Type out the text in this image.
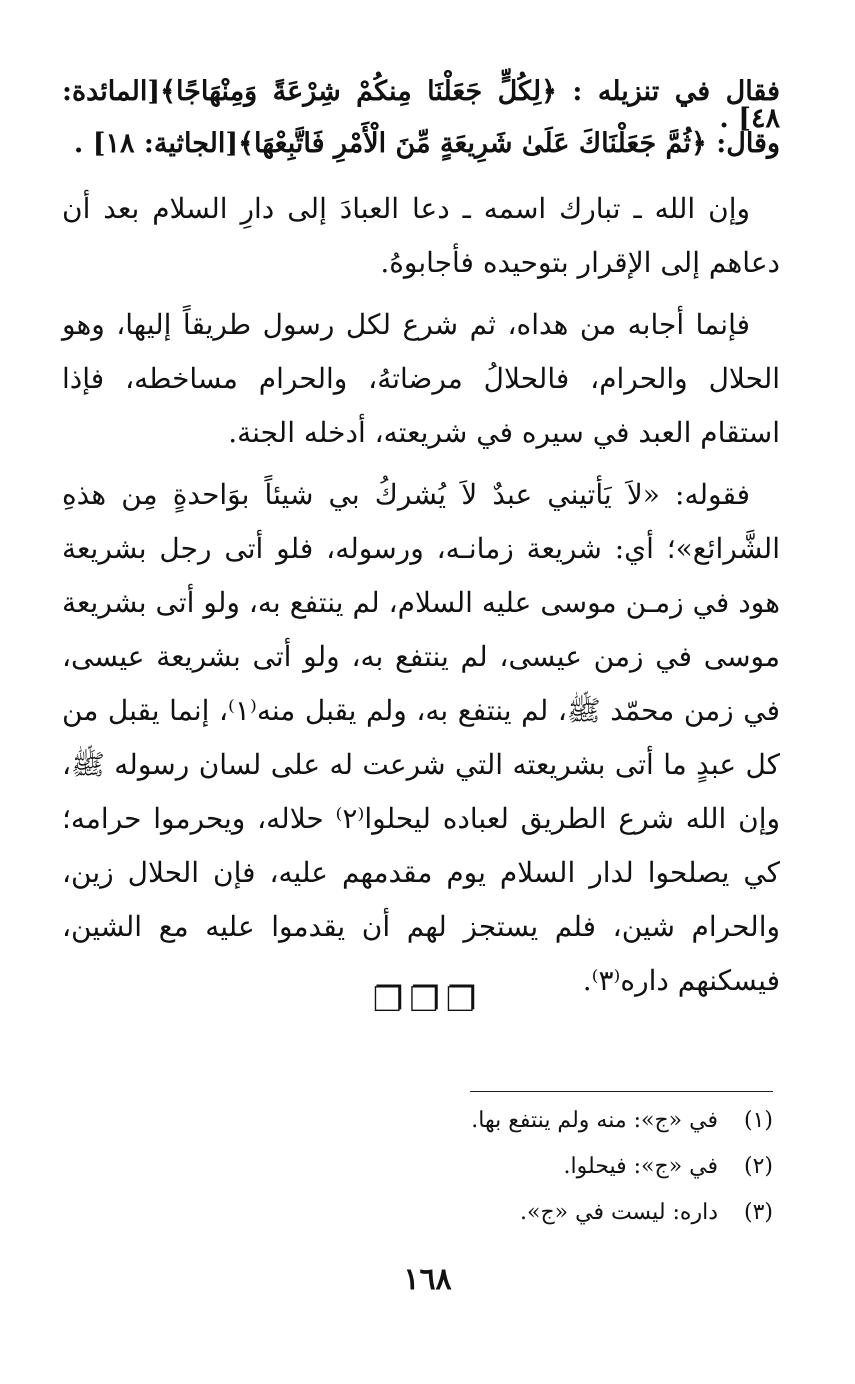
فقال في تنزيله : ﴿لِكُلٍّ جَعَلْنَا مِنكُمْ شِرْعَةً وَمِنْهَاجًا﴾[المائدة: ٤٨] .
وقال: ﴿ثُمَّ جَعَلْنَاكَ عَلَىٰ شَرِيعَةٍ مِّنَ الْأَمْرِ فَاتَّبِعْهَا﴾[الجاثية: ١٨] .

وإن الله ـ تبارك اسمه ـ دعا العبادَ إلى دارِ السلام بعد أن دعاهم إلى الإقرار بتوحيده فأجابوهُ.

فإنما أجابه من هداه، ثم شرع لكل رسول طريقاً إليها، وهو الحلال والحرام، فالحلالُ مرضاتهُ، والحرام مساخطه، فإذا استقام العبد في سيره في شريعته، أدخله الجنة.

فقوله: «لاَ يَأتيني عبدٌ لاَ يُشركُ بي شيئاً بوَاحدةٍ مِن هذهِ الشَّرائع»؛ أي: شريعة زمانـه، ورسوله، فلو أتى رجل بشريعة هود في زمـن موسى عليه السلام، لم ينتفع به، ولو أتى بشريعة موسى في زمن عيسى، لم ينتفع به، ولو أتى بشريعة عيسى، في زمن محمّد ﷺ، لم ينتفع به، ولم يقبل منه⁽١⁾، إنما يقبل من كل عبدٍ ما أتى بشريعته التي شرعت له على لسان رسوله ﷺ، وإن الله شرع الطريق لعباده ليحلوا⁽٢⁾ حلاله، ويحرموا حرامه؛ كي يصلحوا لدار السلام يوم مقدمهم عليه، فإن الحلال زين، والحرام شين، فلم يستجز لهم أن يقدموا عليه مع الشين، فيسكنهم داره⁽٣⁾.

❐❐❐
(١) في «ج»: منه ولم ينتفع بها.
(٢) في «ج»: فيحلوا.
(٣) داره: ليست في «ج».
١٦٨
